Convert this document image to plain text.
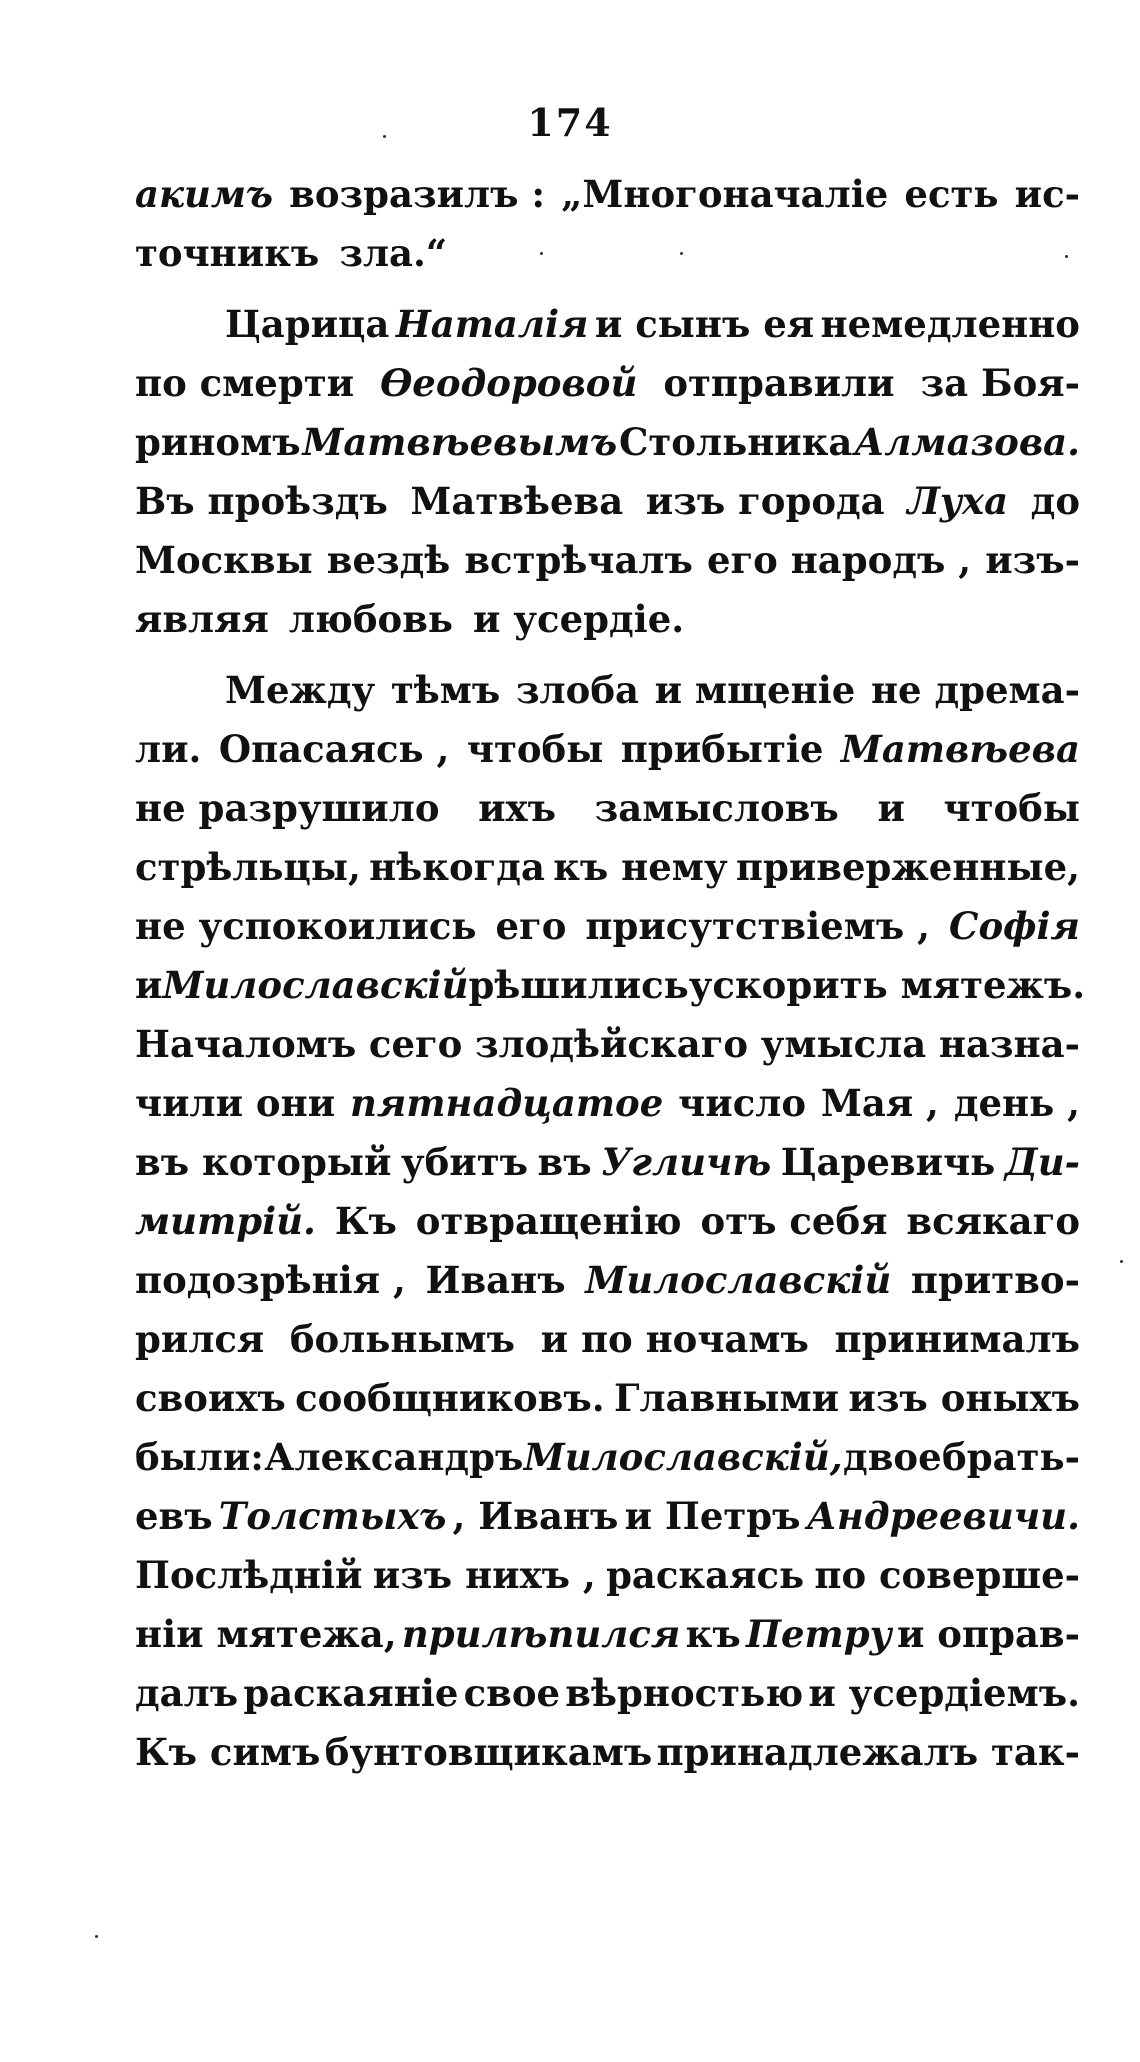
174
акимъ возразилъ : „Многоначаліе есть ис-
точникъ зла.“
Царица Наталія и сынъ ея немедленно
по смерти Ѳеодоровой отправили за Боя-
риномъ Матвѣевымъ Стольника Алмазова.
Въ проѣздъ Матвѣева изъ города Луха до
Москвы вездѣ встрѣчалъ его народъ , изъ-
являя любовь и усердіе.
Между тѣмъ злоба и мщеніе не дрема-
ли. Опасаясь , чтобы прибытіе Матвѣева
не разрушило ихъ замысловъ и чтобы
стрѣльцы, нѣкогда къ нему приверженные,
не успокоились его присутствіемъ , Софія
и Милославскій рѣшились ускорить мятежъ.
Началомъ сего злодѣйскаго умысла назна-
чили они пятнадцатое число Мая , день ,
въ который убитъ въ Угличѣ Царевичь Ди-
митрій. Къ отвращенію отъ себя всякаго
подозрѣнія , Иванъ Милославскій притво-
рился больнымъ и по ночамъ принималъ
своихъ сообщниковъ. Главными изъ оныхъ
были: Александръ Милославскій, двое брать-
евъ Толстыхъ , Иванъ и Петръ Андреевичи.
Послѣдній изъ нихъ , раскаясь по соверше-
ніи мятежа, прилѣпился къ Петру и оправ-
далъ раскаяніе свое вѣрностью и усердіемъ.
Къ симъ бунтовщикамъ принадлежалъ так-
